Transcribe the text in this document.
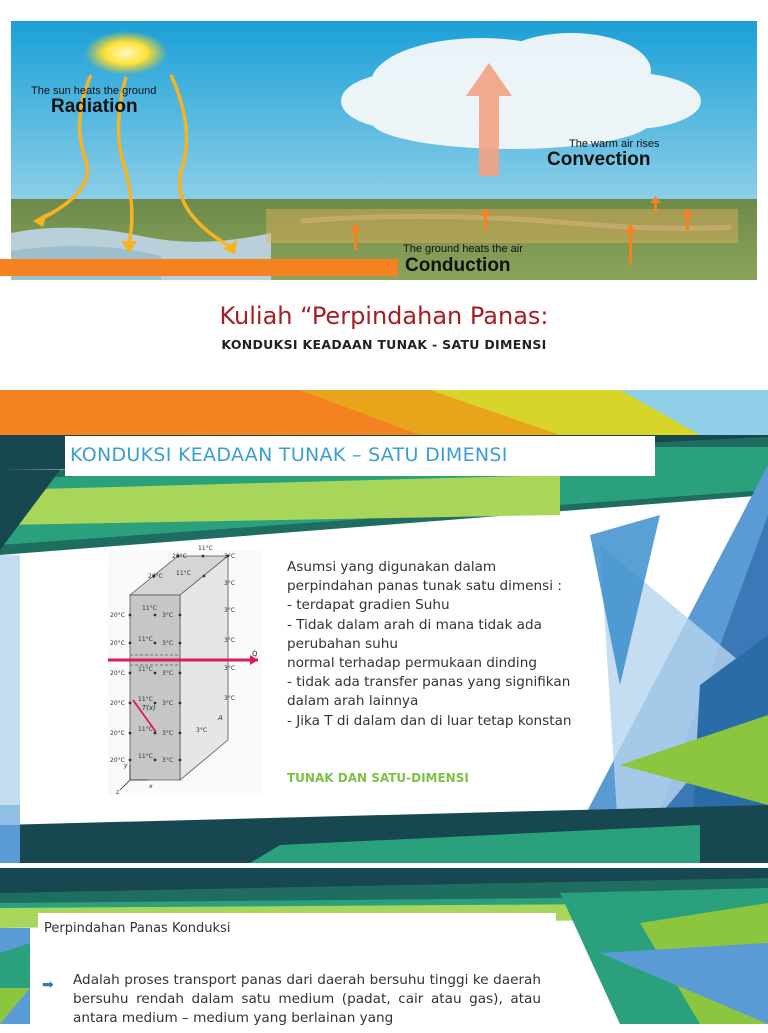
The sun heats the ground
Radiation
The warm air rises
Convection
The ground heats the air
Conduction
Kuliah “Perpindahan Panas:
KONDUKSI KEADAAN TUNAK - SATU DIMENSI
KONDUKSI KEADAAN TUNAK – SATU DIMENSI
20°C
20°C
20°C
20°C
20°C
20°C
20°C
20°C
11°C
11°C
11°C
11°C
11°C
11°C
11°C
11°C
3°C
3°C
3°C
3°C
3°C
3°C
3°C
3°C
3°C
3°C
3°C
3°C
3°C
Q̇
A
T(x)
x
y
z
Asumsi yang digunakan dalam
perpindahan panas tunak satu dimensi :
- terdapat gradien Suhu
- Tidak dalam arah di mana tidak ada
perubahan suhu
normal terhadap permukaan dinding
- tidak ada transfer panas yang signifikan
dalam arah lainnya
- Jika T di dalam dan di luar tetap konstan
TUNAK DAN SATU-DIMENSI
Perpindahan Panas Konduksi
➡ Adalah proses transport panas dari daerah bersuhu tinggi ke daerah bersuhu rendah dalam satu medium (padat, cair atau gas), atau antara medium – medium yang berlainan yang
